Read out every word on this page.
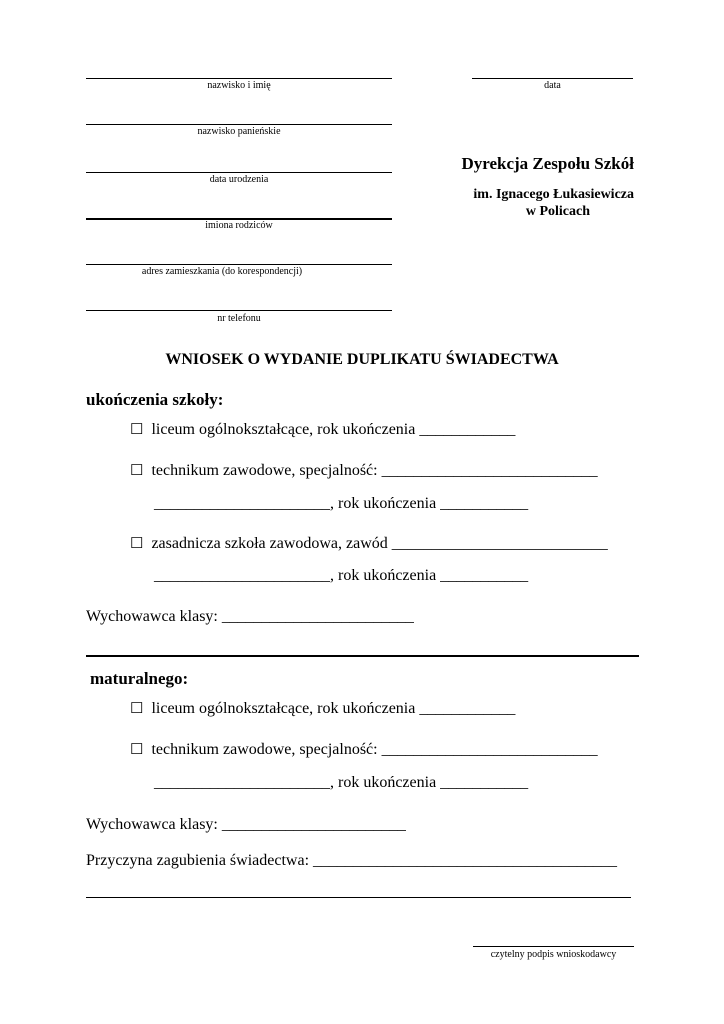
nazwisko i imię
nazwisko panieńskie
data urodzenia
imiona rodziców
adres zamieszkania (do korespondencji)
nr telefonu
data
Dyrekcja Zespołu Szkół
im. Ignacego Łukasiewicza
w Policach
WNIOSEK O WYDANIE DUPLIKATU ŚWIADECTWA
ukończenia szkoły:
☐ liceum ogólnokształcące, rok ukończenia ____________
☐ technikum zawodowe, specjalność: ___________________________
______________________, rok ukończenia ___________
☐ zasadnicza szkoła zawodowa, zawód ___________________________
______________________, rok ukończenia ___________
Wychowawca klasy: ________________________
maturalnego:
☐ liceum ogólnokształcące, rok ukończenia ____________
☐ technikum zawodowe, specjalność: ___________________________
______________________, rok ukończenia ___________
Wychowawca klasy: _______________________
Przyczyna zagubienia świadectwa: ______________________________________
czytelny podpis wnioskodawcy
